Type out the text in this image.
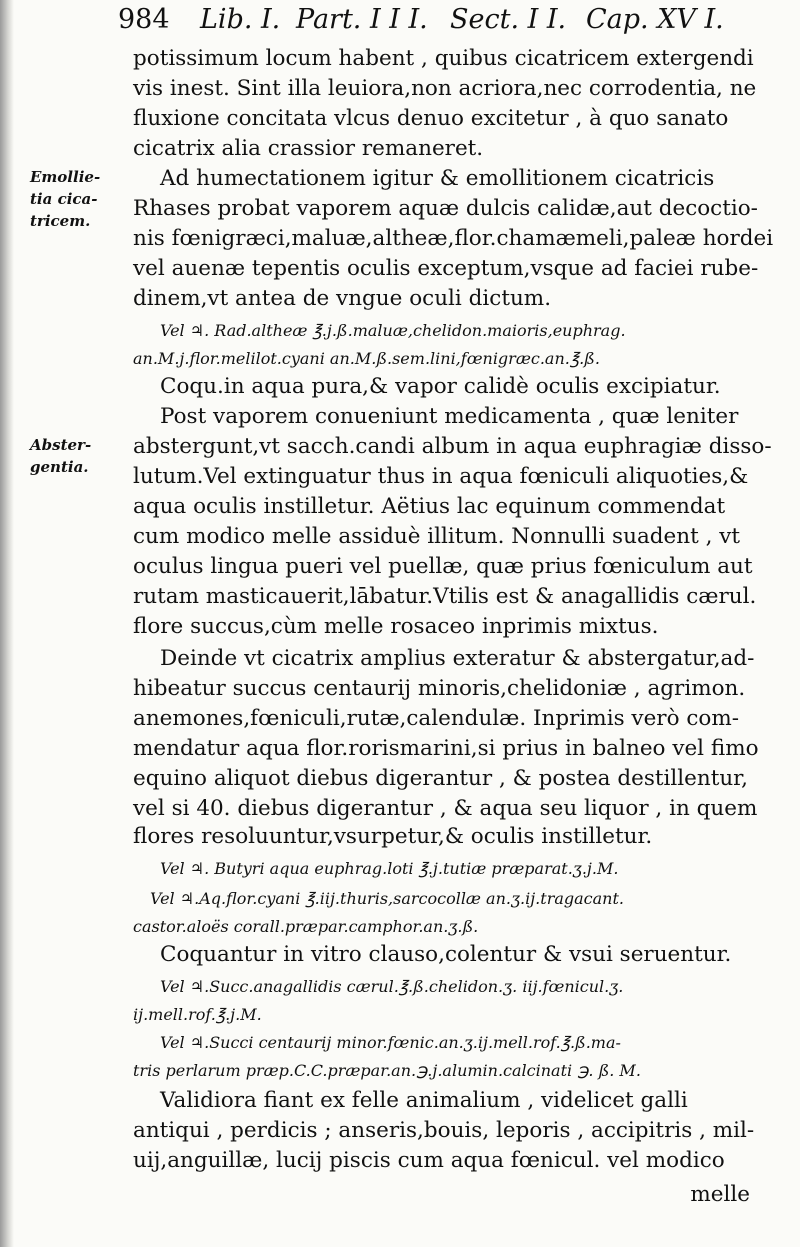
984 Lib. I. Part. I I I. Sect. I I. Cap. XV I.
Emollie-
tia cica-
tricem.
Abster-
gentia.
potissimum locum habent , quibus cicatricem extergendi
vis inest. Sint illa leuiora,non acriora,nec corrodentia, ne
fluxione concitata vlcus denuo excitetur , à quo sanato
cicatrix alia crassior remaneret.
Ad humectationem igitur & emollitionem cicatricis
Rhases probat vaporem aquæ dulcis calidæ,aut decoctio-
nis fœnigræci,maluæ,altheæ,flor.chamæmeli,paleæ hordei
vel auenæ tepentis oculis exceptum,vsque ad faciei rube-
dinem,vt antea de vngue oculi dictum.
Vel ♃. Rad.altheæ ℥.j.ß.maluæ,chelidon.maioris,euphrag.
an.M.j.flor.melilot.cyani an.M.ß.sem.lini,fœnigræc.an.℥.ß.
Coqu.in aqua pura,& vapor calidè oculis excipiatur.
Post vaporem conueniunt medicamenta , quæ leniter
abstergunt,vt sacch.candi album in aqua euphragiæ disso-
lutum.Vel extinguatur thus in aqua fœniculi aliquoties,&
aqua oculis instilletur. Aëtius lac equinum commendat
cum modico melle assiduè illitum. Nonnulli suadent , vt
oculus lingua pueri vel puellæ, quæ prius fœniculum aut
rutam masticauerit,lābatur.Vtilis est & anagallidis cærul.
flore succus,cùm melle rosaceo inprimis mixtus.
Deinde vt cicatrix amplius exteratur & abstergatur,ad-
hibeatur succus centaurij minoris,chelidoniæ , agrimon.
anemones,fœniculi,rutæ,calendulæ. Inprimis verò com-
mendatur aqua flor.rorismarini,si prius in balneo vel fimo
equino aliquot diebus digerantur , & postea destillentur,
vel si 40. diebus digerantur , & aqua seu liquor , in quem
flores resoluuntur,vsurpetur,& oculis instilletur.
Vel ♃. Butyri aqua euphrag.loti ℥.j.tutiæ præparat.ʒ.j.M.
Vel ♃.Aq.flor.cyani ℥.iij.thuris,sarcocollæ an.ʒ.ij.tragacant.
castor.aloës corall.præpar.camphor.an.ʒ.ß.
Coquantur in vitro clauso,colentur & vsui seruentur.
Vel ♃.Succ.anagallidis cærul.℥.ß.chelidon.ʒ. iij.fœnicul.ʒ.
ij.mell.rof.℥.j.M.
Vel ♃.Succi centaurij minor.fœnic.an.ʒ.ij.mell.rof.℥.ß.ma-
tris perlarum præp.C.C.præpar.an.℈.j.alumin.calcinati ℈. ß. M.
Validiora fiant ex felle animalium , videlicet galli
antiqui , perdicis ; anseris,bouis, leporis , accipitris , mil-
uij,anguillæ, lucij piscis cum aqua fœnicul. vel modico
melle
